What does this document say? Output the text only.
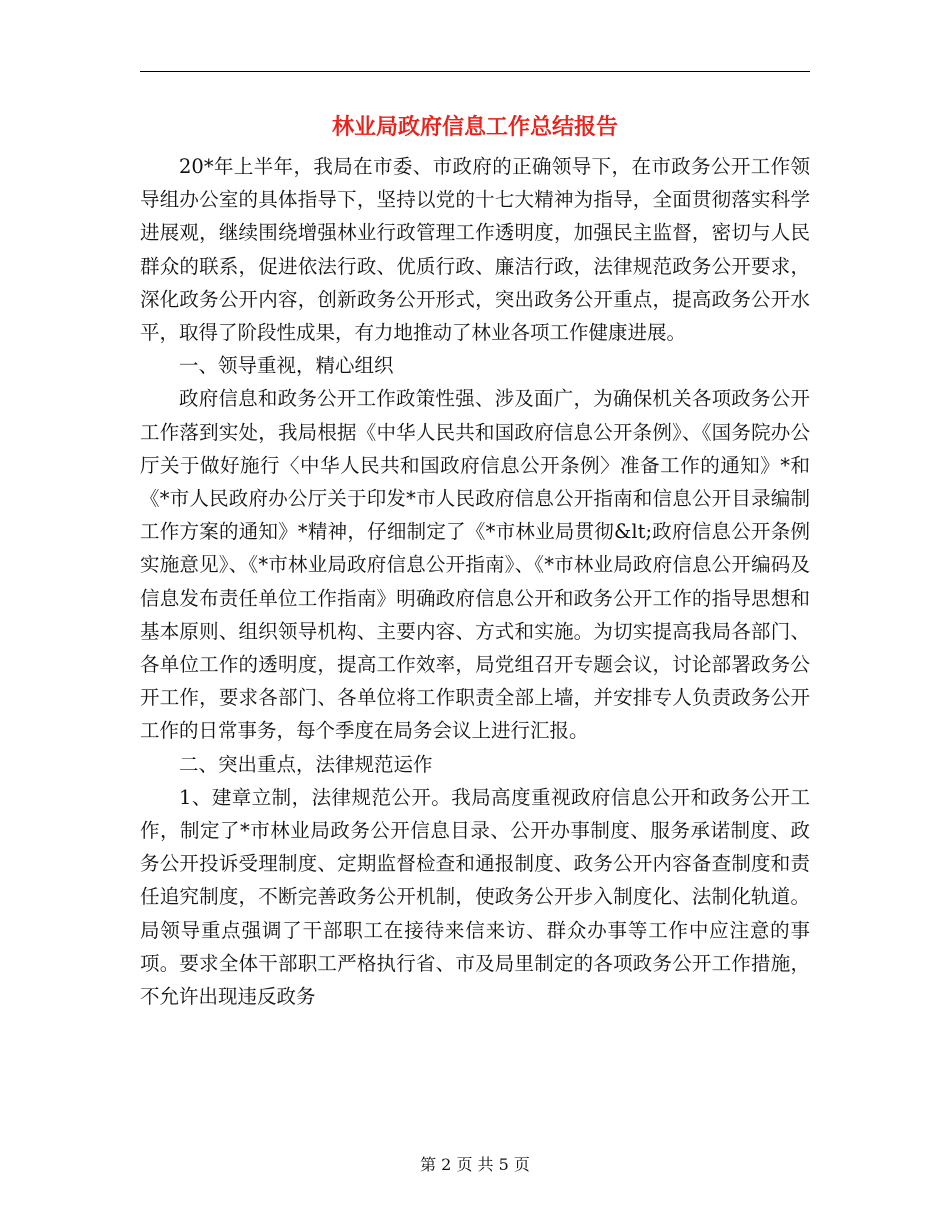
林业局政府信息工作总结报告

20*年上半年，我局在市委、市政府的正确领导下，在市政务公开工作领导组办公室的具体指导下，坚持以党的十七大精神为指导，全面贯彻落实科学进展观，继续围绕增强林业行政管理工作透明度，加强民主监督，密切与人民群众的联系，促进依法行政、优质行政、廉洁行政，法律规范政务公开要求，深化政务公开内容，创新政务公开形式，突出政务公开重点，提高政务公开水平，取得了阶段性成果，有力地推动了林业各项工作健康进展。

一、领导重视，精心组织

政府信息和政务公开工作政策性强、涉及面广，为确保机关各项政务公开工作落到实处，我局根据《中华人民共和国政府信息公开条例》、《国务院办公厅关于做好施行〈中华人民共和国政府信息公开条例〉准备工作的通知》*和《*市人民政府办公厅关于印发*市人民政府信息公开指南和信息公开目录编制工作方案的通知》*精神，仔细制定了《*市林业局贯彻&lt;政府信息公开条例实施意见》、《*市林业局政府信息公开指南》、《*市林业局政府信息公开编码及信息发布责任单位工作指南》明确政府信息公开和政务公开工作的指导思想和基本原则、组织领导机构、主要内容、方式和实施。为切实提高我局各部门、各单位工作的透明度，提高工作效率，局党组召开专题会议，讨论部署政务公开工作，要求各部门、各单位将工作职责全部上墙，并安排专人负责政务公开工作的日常事务，每个季度在局务会议上进行汇报。

二、突出重点，法律规范运作

1、建章立制，法律规范公开。我局高度重视政府信息公开和政务公开工作，制定了*市林业局政务公开信息目录、公开办事制度、服务承诺制度、政务公开投诉受理制度、定期监督检查和通报制度、政务公开内容备查制度和责任追究制度，不断完善政务公开机制，使政务公开步入制度化、法制化轨道。局领导重点强调了干部职工在接待来信来访、群众办事等工作中应注意的事项。要求全体干部职工严格执行省、市及局里制定的各项政务公开工作措施，不允许出现违反政务

第 2 页 共 5 页
